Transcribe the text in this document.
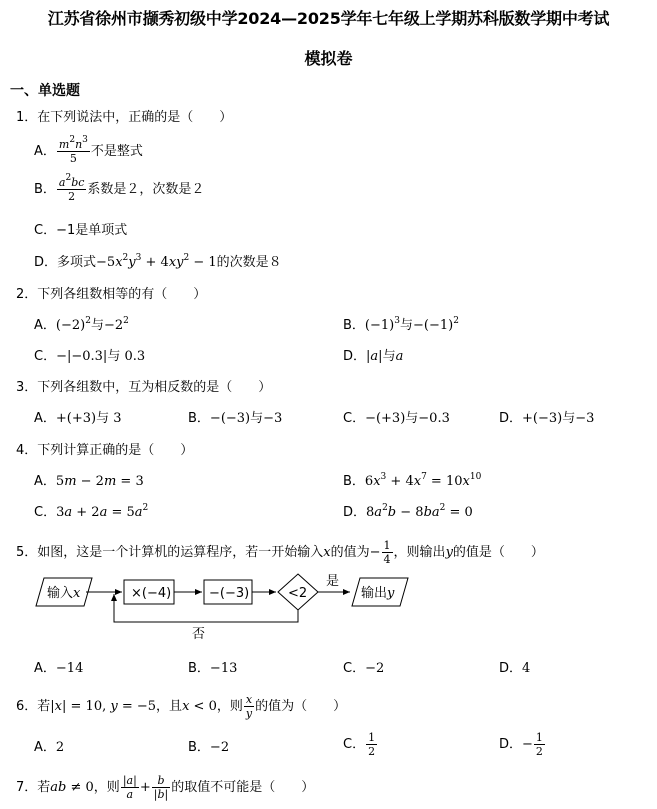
江苏省徐州市撷秀初级中学2024—2025学年七年级上学期苏科版数学期中考试
模拟卷
一、单选题
1．在下列说法中，正确的是（　　）
A． $\frac{m^2n^3}{5}$ 不是整式
B． $\frac{a^2bc}{2}$ 系数是２，次数是２
C．−1是单项式
D．多项式$-5x^2y^3 + 4xy^2 - 1$的次数是８
2．下列各组数相等的有（　　）
A．$(-2)^2$与$-2^2$	B．$(-1)^3$与$-(-1)^2$
C．−|−0.3|与 0.3	D．|a|与a
3．下列各组数中，互为相反数的是（　　）
A．+(+3)与 3	B．−(−3)与−3	C．−(+3)与−0.3	D．+(−3)与−3
4．下列计算正确的是（　　）
A．5m − 2m = 3	B．$6x^3 + 4x^7 = 10x^{10}$
C．$3a + 2a = 5a^2$	D．$8a^2b - 8ba^2 = 0$
5．如图，这是一个计算机的运算程序，若一开始输入x的值为− $\frac{1}{4}$ ，则输出y的值是（　　）
输入x	×(−4)	−(−3)	<2
是
输出y
否
A．−14	B．−13	C．−2	D．4
6．若|x| = 10, y = −5，且x < 0，则 $\frac{x}{y}$ 的值为（　　）
A．2	B．−2	C． $\frac{1}{2}$	D．− $\frac{1}{2}$
7．若ab ≠ 0，则 $\frac{|a|}{a} + \frac{b}{|b|}$ 的取值不可能是（　　）
